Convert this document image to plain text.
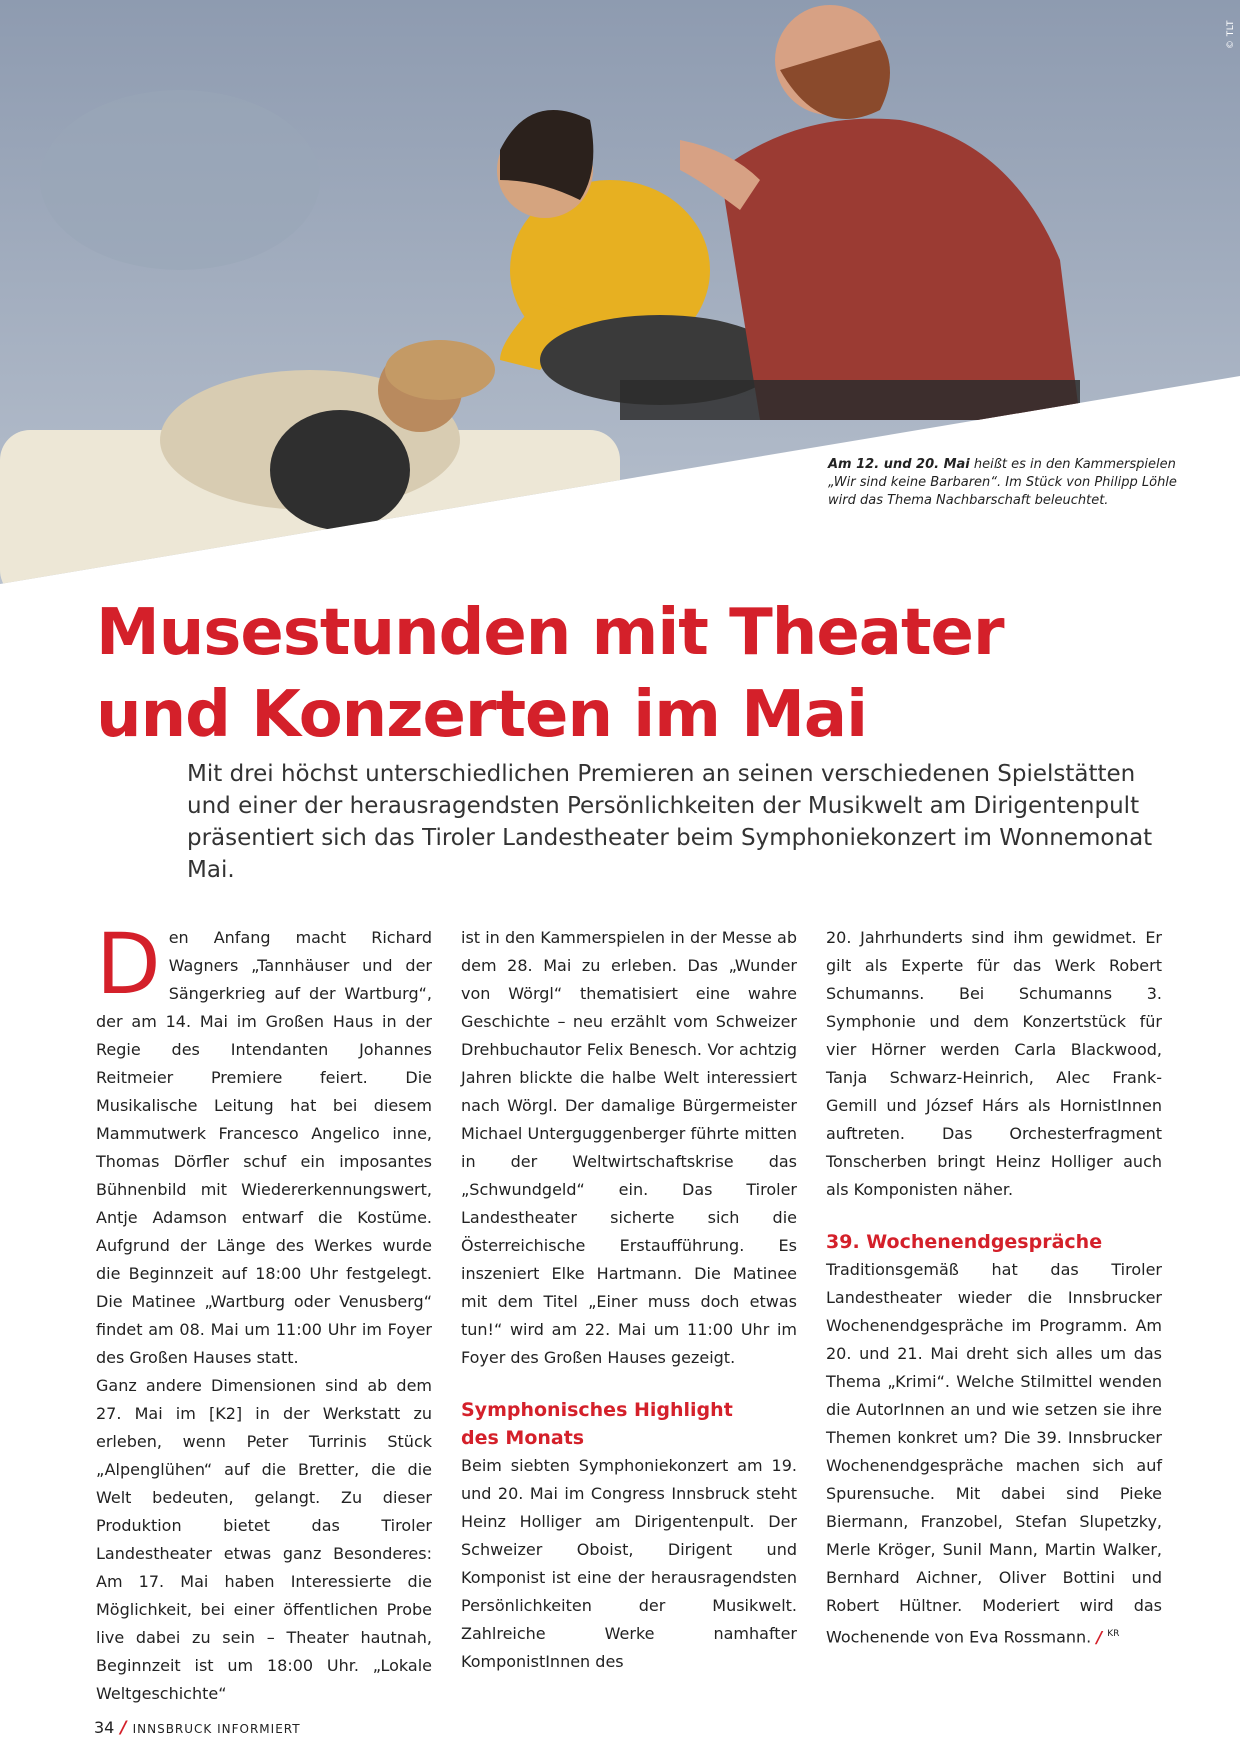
© TLT
Am 12. und 20. Mai heißt es in den Kammerspielen „Wir sind keine Barbaren“. Im Stück von Philipp Löhle wird das Thema Nachbarschaft beleuchtet.
Musestunden mit Theater
und Konzerten im Mai

Mit drei höchst unterschiedlichen Premieren an seinen verschiedenen Spielstätten und einer der herausragendsten Persönlichkeiten der Musikwelt am Dirigentenpult präsentiert sich das Tiroler Landestheater beim Symphoniekonzert im Wonnemonat Mai.

Den Anfang macht Richard Wagners „Tannhäuser und der Sängerkrieg auf der Wartburg“, der am 14. Mai im Großen Haus in der Regie des Intendanten Johannes Reitmeier Premiere feiert. Die Musikalische Leitung hat bei diesem Mammutwerk Francesco Angelico inne, Thomas Dörfler schuf ein imposantes Bühnenbild mit Wiedererkennungswert, Antje Adamson entwarf die Kostüme. Aufgrund der Länge des Werkes wurde die Beginnzeit auf 18:00 Uhr festgelegt. Die Matinee „Wartburg oder Venusberg“ findet am 08. Mai um 11:00 Uhr im Foyer des Großen Hauses statt.

Ganz andere Dimensionen sind ab dem 27. Mai im [K2] in der Werkstatt zu erleben, wenn Peter Turrinis Stück „Alpenglühen“ auf die Bretter, die die Welt bedeuten, gelangt. Zu dieser Produktion bietet das Tiroler Landestheater etwas ganz Besonderes: Am 17. Mai haben Interessierte die Möglichkeit, bei einer öffentlichen Probe live dabei zu sein – Theater hautnah, Beginnzeit ist um 18:00 Uhr. „Lokale Weltgeschichte“

ist in den Kammerspielen in der Messe ab dem 28. Mai zu erleben. Das „Wunder von Wörgl“ thematisiert eine wahre Geschichte – neu erzählt vom Schweizer Drehbuchautor Felix Benesch. Vor achtzig Jahren blickte die halbe Welt interessiert nach Wörgl. Der damalige Bürgermeister Michael Unterguggenberger führte mitten in der Weltwirtschaftskrise das „Schwundgeld“ ein. Das Tiroler Landestheater sicherte sich die Österreichische Erstaufführung. Es inszeniert Elke Hartmann. Die Matinee mit dem Titel „Einer muss doch etwas tun!“ wird am 22. Mai um 11:00 Uhr im Foyer des Großen Hauses gezeigt.

Symphonisches Highlight
des Monats

Beim siebten Symphoniekonzert am 19. und 20. Mai im Congress Innsbruck steht Heinz Holliger am Dirigentenpult. Der Schweizer Oboist, Dirigent und Komponist ist eine der herausragendsten Persönlichkeiten der Musikwelt. Zahlreiche Werke namhafter KomponistInnen des

20. Jahrhunderts sind ihm gewidmet. Er gilt als Experte für das Werk Robert Schumanns. Bei Schumanns 3. Symphonie und dem Konzertstück für vier Hörner werden Carla Blackwood, Tanja Schwarz-Heinrich, Alec Frank-Gemill und József Hárs als HornistInnen auftreten. Das Orchesterfragment Tonscherben bringt Heinz Holliger auch als Komponisten näher.

39. Wochenendgespräche

Traditionsgemäß hat das Tiroler Landestheater wieder die Innsbrucker Wochenendgespräche im Programm. Am 20. und 21. Mai dreht sich alles um das Thema „Krimi“. Welche Stilmittel wenden die AutorInnen an und wie setzen sie ihre Themen konkret um? Die 39. Innsbrucker Wochenendgespräche machen sich auf Spurensuche. Mit dabei sind Pieke Biermann, Franzobel, Stefan Slupetzky, Merle Kröger, Sunil Mann, Martin Walker, Bernhard Aichner, Oliver Bottini und Robert Hültner. Moderiert wird das Wochenende von Eva Rossmann. / $^{KR}$

34 / INNSBRUCK INFORMIERT
